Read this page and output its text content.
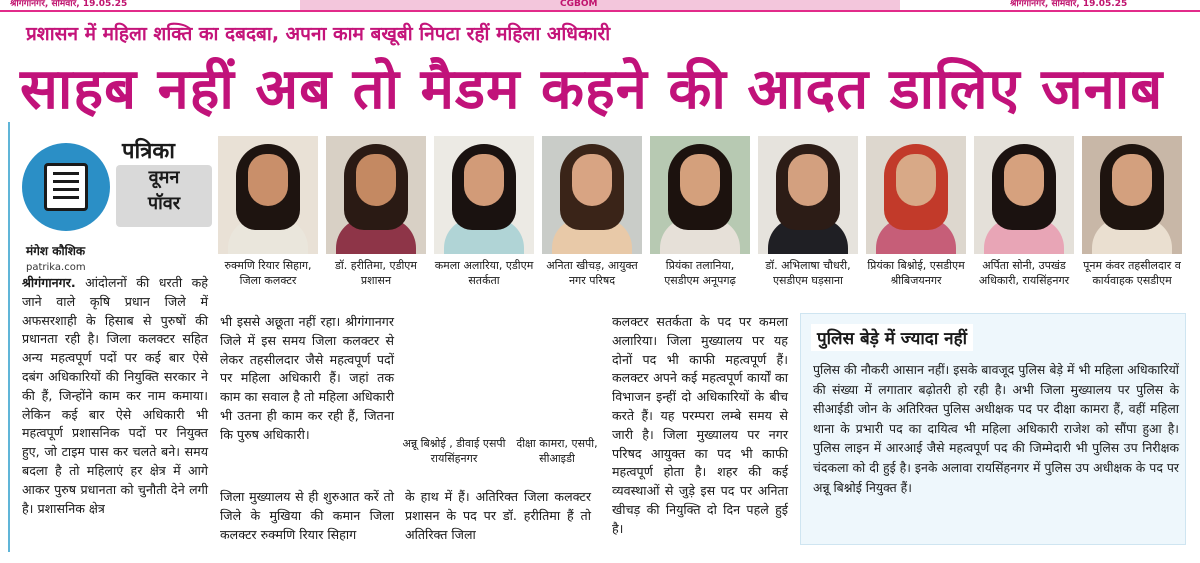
श्रीगंगानगर, सोमवार, 19.05.25	CGBOM	श्रीगंगानगर, सोमवार, 19.05.25
प्रशासन में महिला शक्ति का दबदबा, अपना काम बखूबी निपटा रहीं महिला अधिकारी
साहब नहीं अब तो मैडम कहने की आदत डालिए जनाब
पत्रिका
वूमन
पॉवर
मंगेश कौशिक
patrika.com
श्रीगंगानगर. आंदोलनों की धरती कहे जाने वाले कृषि प्रधान जिले में अफसरशाही के हिसाब से पुरुषों की प्रधानता रही है। जिला कलक्टर सहित अन्य महत्वपूर्ण पदों पर कई बार ऐसे दबंग अधिकारियों की नियुक्ति सरकार ने की हैं, जिन्होंने काम कर नाम कमाया। लेकिन कई बार ऐसे अधिकारी भी महत्वपूर्ण प्रशासनिक पदों पर नियुक्त हुए, जो टाइम पास कर चलते बने। समय बदला है तो महिलाएं हर क्षेत्र में आगे आकर पुरुष प्रधानता को चुनौती देने लगी है। प्रशासनिक क्षेत्र
रुक्मणि रियार सिहाग, जिला कलक्टर
डॉ. हरीतिमा, एडीएम प्रशासन
कमला अलारिया, एडीएम सतर्कता
अनिता खीचड़, आयुक्त नगर परिषद
प्रियंका तलानिया, एसडीएम अनूपगढ़
डॉ. अभिलाषा चौधरी, एसडीएम घड़साना
प्रियंका बिश्नोई, एसडीएम श्रीबिजयनगर
अर्पिता सोनी, उपखंड अधिकारी, रायसिंहनगर
पूनम कंवर तहसीलदार व कार्यवाहक एसडीएम
भी इससे अछूता नहीं रहा। श्रीगंगानगर जिले में इस समय जिला कलक्टर से लेकर तहसीलदार जैसे महत्वपूर्ण पदों पर महिला अधिकारी हैं। जहां तक काम का सवाल है तो महिला अधिकारी भी उतना ही काम कर रही हैं, जितना कि पुरुष अधिकारी।
जिला मुख्यालय से ही शुरुआत करें तो जिले के मुखिया की कमान जिला कलक्टर रुक्मणि रियार सिहाग
अन्नू बिश्नोई , डीवाई एसपी रायसिंहनगर
दीक्षा कामरा, एसपी, सीआइडी
के हाथ में हैं। अतिरिक्त जिला कलक्टर प्रशासन के पद पर डॉ. हरीतिमा हैं तो अतिरिक्त जिला
कलक्टर सतर्कता के पद पर कमला अलारिया। जिला मुख्यालय पर यह दोनों पद भी काफी महत्वपूर्ण हैं। कलक्टर अपने कई महत्वपूर्ण कार्यों का विभाजन इन्हीं दो अधिकारियों के बीच करते हैं। यह परम्परा लम्बे समय से जारी है। जिला मुख्यालय पर नगर परिषद आयुक्त का पद भी काफी महत्वपूर्ण होता है। शहर की कई व्यवस्थाओं से जुड़े इस पद पर अनिता खीचड़ की नियुक्ति दो दिन पहले हुई है।
पुलिस बेड़े में ज्यादा नहीं
पुलिस की नौकरी आसान नहीं। इसके बावजूद पुलिस बेड़े में भी महिला अधिकारियों की संख्या में लगातार बढ़ोतरी हो रही है। अभी जिला मुख्यालय पर पुलिस के सीआईडी जोन के अतिरिक्त पुलिस अधीक्षक पद पर दीक्षा कामरा हैं, वहीं महिला थाना के प्रभारी पद का दायित्व भी महिला अधिकारी राजेश को सौंपा हुआ है। पुलिस लाइन में आरआई जैसे महत्वपूर्ण पद की जिम्मेदारी भी पुलिस उप निरीक्षक चंदकला को दी हुई है। इनके अलावा रायसिंहनगर में पुलिस उप अधीक्षक के पद पर अन्नू बिश्नोई नियुक्त हैं।
